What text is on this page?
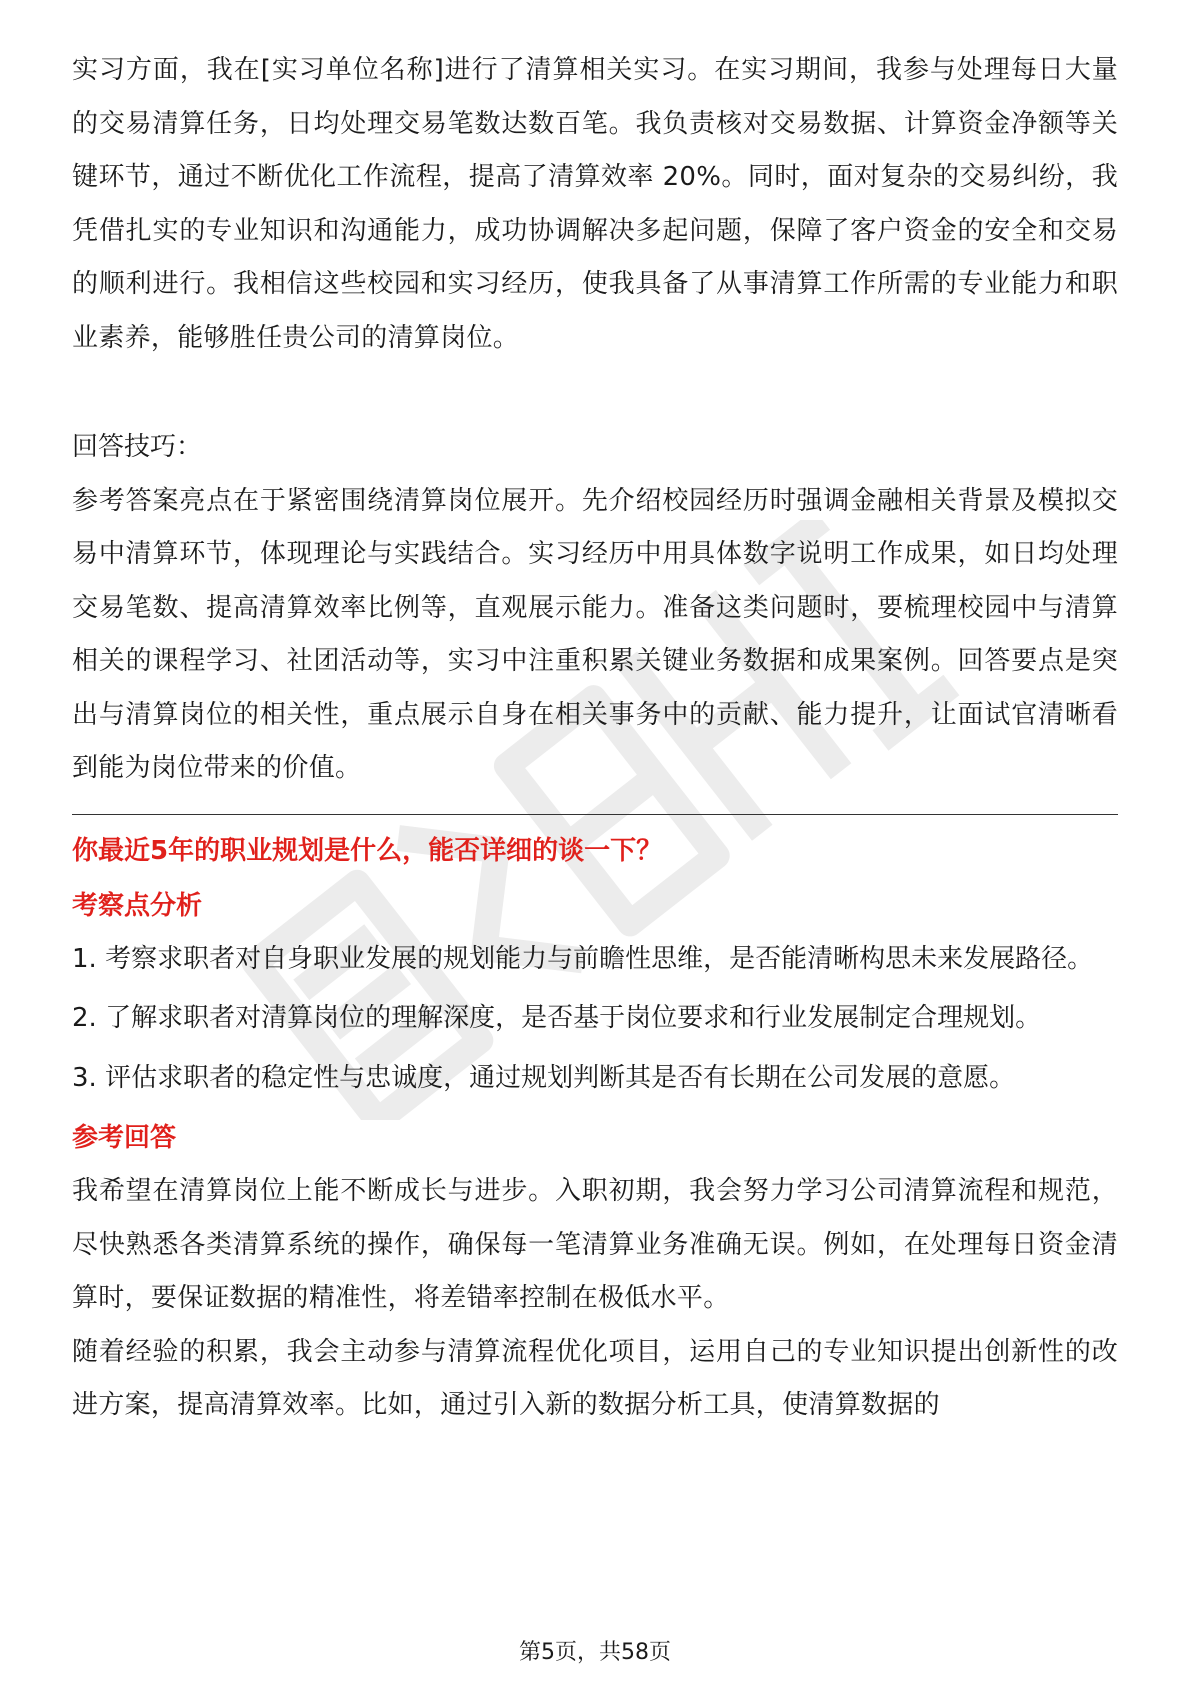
实习方面，我在[实习单位名称]进行了清算相关实习。在实习期间，我参与处理每日大量的交易清算任务，日均处理交易笔数达数百笔。我负责核对交易数据、计算资金净额等关键环节，通过不断优化工作流程，提高了清算效率 20%。同时，面对复杂的交易纠纷，我凭借扎实的专业知识和沟通能力，成功协调解决多起问题，保障了客户资金的安全和交易的顺利进行。我相信这些校园和实习经历，使我具备了从事清算工作所需的专业能力和职业素养，能够胜任贵公司的清算岗位。

回答技巧：

参考答案亮点在于紧密围绕清算岗位展开。先介绍校园经历时强调金融相关背景及模拟交易中清算环节，体现理论与实践结合。实习经历中用具体数字说明工作成果，如日均处理交易笔数、提高清算效率比例等，直观展示能力。准备这类问题时，要梳理校园中与清算相关的课程学习、社团活动等，实习中注重积累关键业务数据和成果案例。回答要点是突出与清算岗位的相关性，重点展示自身在相关事务中的贡献、能力提升，让面试官清晰看到能为岗位带来的价值。

你最近5年的职业规划是什么，能否详细的谈一下？

考察点分析

1. 考察求职者对自身职业发展的规划能力与前瞻性思维，是否能清晰构思未来发展路径。

2. 了解求职者对清算岗位的理解深度，是否基于岗位要求和行业发展制定合理规划。

3. 评估求职者的稳定性与忠诚度，通过规划判断其是否有长期在公司发展的意愿。

参考回答

我希望在清算岗位上能不断成长与进步。入职初期，我会努力学习公司清算流程和规范，尽快熟悉各类清算系统的操作，确保每一笔清算业务准确无误。例如，在处理每日资金清算时，要保证数据的精准性，将差错率控制在极低水平。

随着经验的积累，我会主动参与清算流程优化项目，运用自己的专业知识提出创新性的改进方案，提高清算效率。比如，通过引入新的数据分析工具，使清算数据的

第5页，共58页
